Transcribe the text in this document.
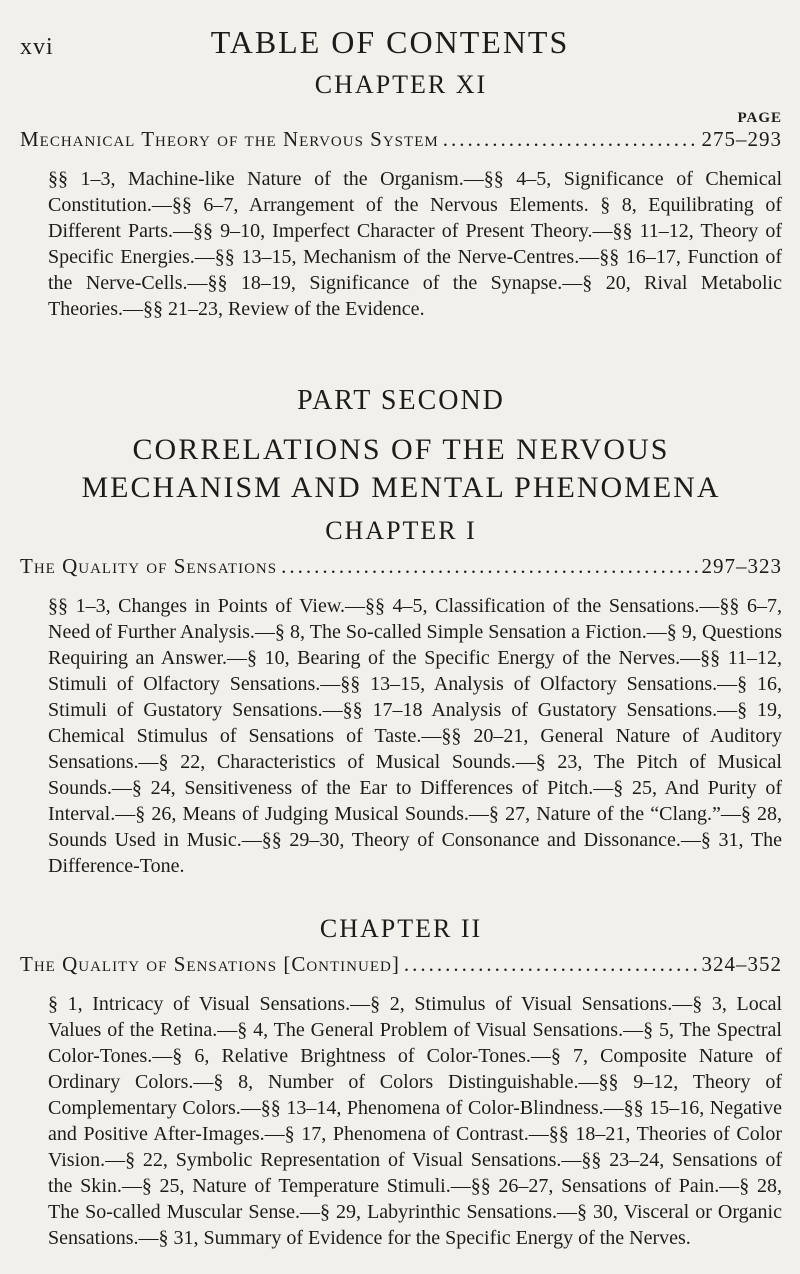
xvi	TABLE OF CONTENTS
CHAPTER XI
PAGE
Mechanical Theory of the Nervous System .....	275–293

§§ 1–3, Machine-like Nature of the Organism.—§§ 4–5, Significance of Chemical Constitution.—§§ 6–7, Arrangement of the Nervous Elements. § 8, Equilibrating of Different Parts.—§§ 9–10, Imperfect Character of Present Theory.—§§ 11–12, Theory of Specific Energies.—§§ 13–15, Mechanism of the Nerve-Centres.—§§ 16–17, Function of the Nerve-Cells.—§§ 18–19, Significance of the Synapse.—§ 20, Rival Metabolic Theories.—§§ 21–23, Review of the Evidence.

PART SECOND
CORRELATIONS OF THE NERVOUS MECHANISM AND MENTAL PHENOMENA
CHAPTER I
The Quality of Sensations .....	297–323

§§ 1–3, Changes in Points of View.—§§ 4–5, Classification of the Sensations.—§§ 6–7, Need of Further Analysis.—§ 8, The So-called Simple Sensation a Fiction.—§ 9, Questions Requiring an Answer.—§ 10, Bearing of the Specific Energy of the Nerves.—§§ 11–12, Stimuli of Olfactory Sensations.—§§ 13–15, Analysis of Olfactory Sensations.—§ 16, Stimuli of Gustatory Sensations.—§§ 17–18 Analysis of Gustatory Sensations.—§ 19, Chemical Stimulus of Sensations of Taste.—§§ 20–21, General Nature of Auditory Sensations.—§ 22, Characteristics of Musical Sounds.—§ 23, The Pitch of Musical Sounds.—§ 24, Sensitiveness of the Ear to Differences of Pitch.—§ 25, And Purity of Interval.—§ 26, Means of Judging Musical Sounds.—§ 27, Nature of the “Clang.”—§ 28, Sounds Used in Music.—§§ 29–30, Theory of Consonance and Dissonance.—§ 31, The Difference-Tone.

CHAPTER II
The Quality of Sensations [Continued] .....	324–352

§ 1, Intricacy of Visual Sensations.—§ 2, Stimulus of Visual Sensations.—§ 3, Local Values of the Retina.—§ 4, The General Problem of Visual Sensations.—§ 5, The Spectral Color-Tones.—§ 6, Relative Brightness of Color-Tones.—§ 7, Composite Nature of Ordinary Colors.—§ 8, Number of Colors Distinguishable.—§§ 9–12, Theory of Complementary Colors.—§§ 13–14, Phenomena of Color-Blindness.—§§ 15–16, Negative and Positive After-Images.—§ 17, Phenomena of Contrast.—§§ 18–21, Theories of Color Vision.—§ 22, Symbolic Representation of Visual Sensations.—§§ 23–24, Sensations of the Skin.—§ 25, Nature of Temperature Stimuli.—§§ 26–27, Sensations of Pain.—§ 28, The So-called Muscular Sense.—§ 29, Labyrinthic Sensations.—§ 30, Visceral or Organic Sensations.—§ 31, Summary of Evidence for the Specific Energy of the Nerves.
